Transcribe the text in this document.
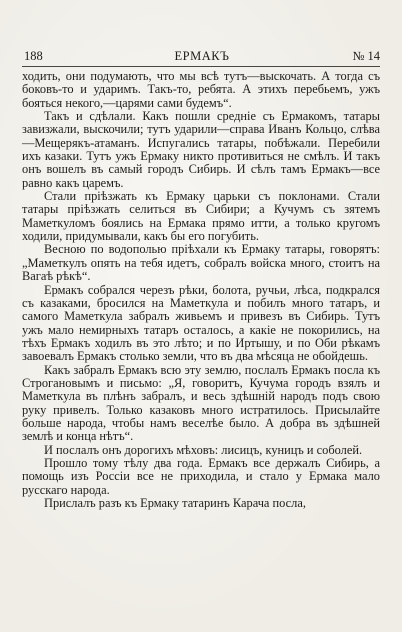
188	ЕРМАКЪ	№ 14

ходить, они подумають, что мы всѣ тутъ—выскочать. А тогда съ боковъ-то и ударимъ. Такъ-то, ребята. А этихъ перебьемъ, ужъ бояться некого,—царями сами будемъ“.

Такъ и сдѣлали. Какъ пошли средніе съ Ермакомъ, татары завизжали, выскочили; тутъ ударили—справа Иванъ Кольцо, слѣва—Мещерякъ-атаманъ. Испугались татары, побѣжали. Перебили ихъ казаки. Тутъ ужъ Ермаку никто противиться не смѣлъ. И такъ онъ вошелъ въ самый городъ Сибирь. И сѣлъ тамъ Ермакъ—все равно какъ царемъ.

Стали пріѣзжать къ Ермаку царьки съ поклонами. Стали татары пріѣзжать селиться въ Сибири; а Кучумъ съ зятемъ Маметкуломъ боялись на Ермака прямо итти, а только кругомъ ходили, придумывали, какъ бы его погубить.

Весною по водополью пріѣхали къ Ермаку татары, говорятъ: „Маметкулъ опять на тебя идетъ, собралъ войска много, стоитъ на Вагаѣ рѣкѣ“.

Ермакъ собрался черезъ рѣки, болота, ручьи, лѣса, подкрался съ казаками, бросился на Маметкула и побилъ много татаръ, и самого Маметкула забралъ живьемъ и привезъ въ Сибирь. Тутъ ужъ мало немирныхъ татаръ осталось, а какіе не покорились, на тѣхъ Ермакъ ходилъ въ это лѣто; и по Иртышу, и по Оби рѣкамъ завоевалъ Ермакъ столько земли, что въ два мѣсяца не обойдешь.

Какъ забралъ Ермакъ всю эту землю, послалъ Ермакъ посла къ Строгановымъ и письмо: „Я, говоритъ, Кучума городъ взялъ и Маметкула въ плѣнъ забралъ, и весь здѣшній народъ подъ свою руку привелъ. Только казаковъ много истратилось. Присылайте больше народа, чтобы намъ веселѣе было. А добра въ здѣшней землѣ и конца нѣтъ“.

И послалъ онъ дорогихъ мѣховъ: лисицъ, куницъ и соболей.

Прошло тому тѣлу два года. Ермакъ все держалъ Сибирь, а помощь изъ Россіи все не приходила, и стало у Ермака мало русскаго народа.

Прислалъ разъ къ Ермаку татаринъ Карача посла,
